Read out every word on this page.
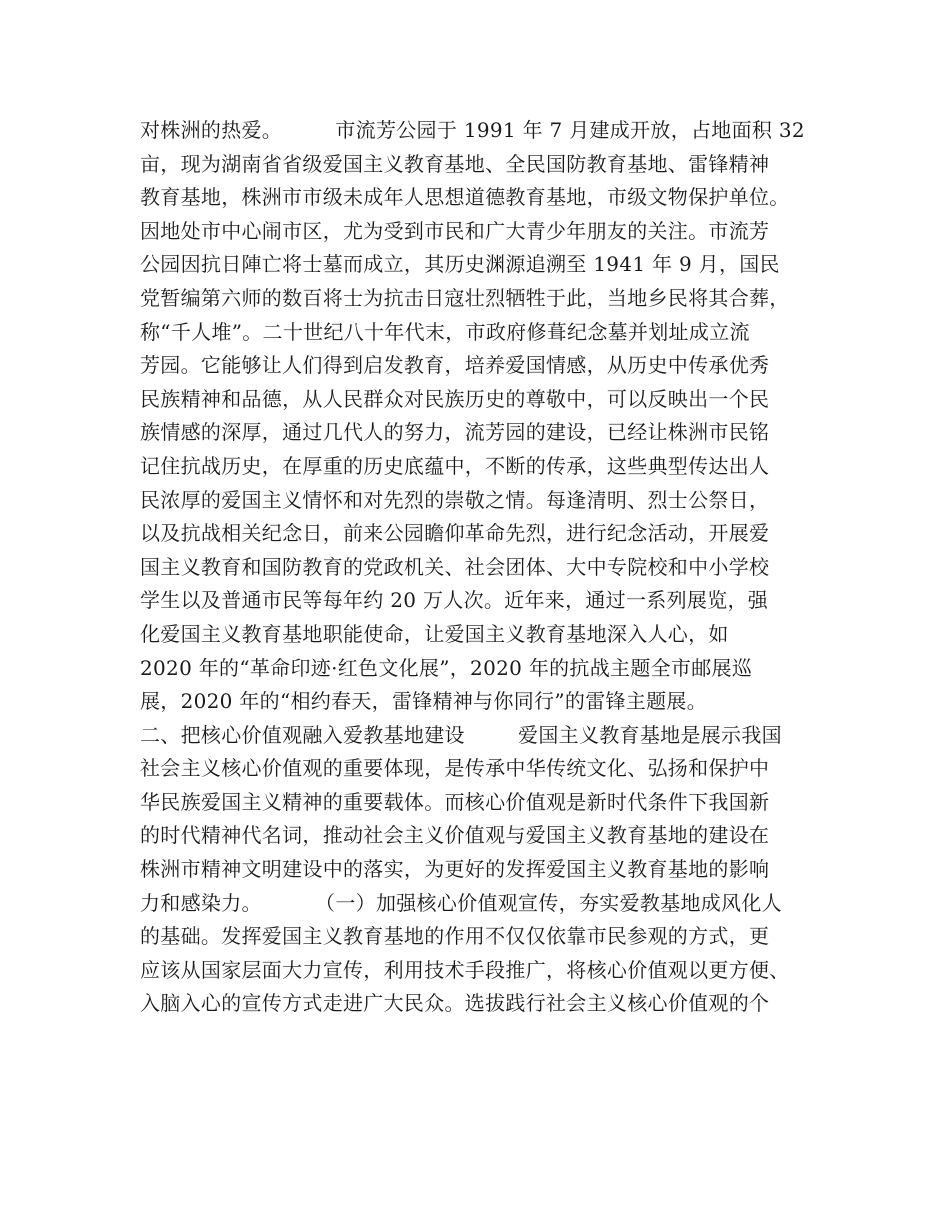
对株洲的热爱。        市流芳公园于 1991 年 7 月建成开放，占地面积 32
亩，现为湖南省省级爱国主义教育基地、全民国防教育基地、雷锋精神
教育基地，株洲市市级未成年人思想道德教育基地，市级文物保护单位。
因地处市中心闹市区，尤为受到市民和广大青少年朋友的关注。市流芳
公园因抗日陣亡将士墓而成立，其历史渊源追溯至 1941 年 9 月，国民
党暂编第六师的数百将士为抗击日寇壮烈牺牲于此，当地乡民将其合葬，
称“千人堆”。二十世纪八十年代末，市政府修葺纪念墓并划址成立流
芳园。它能够让人们得到启发教育，培养爱国情感，从历史中传承优秀
民族精神和品德，从人民群众对民族历史的尊敬中，可以反映出一个民
族情感的深厚，通过几代人的努力，流芳园的建设，已经让株洲市民铭
记住抗战历史，在厚重的历史底蕴中，不断的传承，这些典型传达出人
民浓厚的爱国主义情怀和对先烈的崇敬之情。每逢清明、烈士公祭日，
以及抗战相关纪念日，前来公园瞻仰革命先烈，进行纪念活动，开展爱
国主义教育和国防教育的党政机关、社会团体、大中专院校和中小学校
学生以及普通市民等每年约 20 万人次。近年来，通过一系列展览，强
化爱国主义教育基地职能使命，让爱国主义教育基地深入人心，如
2020 年的“革命印迹·红色文化展”，2020 年的抗战主题全市邮展巡
展，2020 年的“相约春天，雷锋精神与你同行”的雷锋主题展。
二、把核心价值观融入爱教基地建设        爱国主义教育基地是展示我国
社会主义核心价值观的重要体现，是传承中华传统文化、弘扬和保护中
华民族爱国主义精神的重要载体。而核心价值观是新时代条件下我国新
的时代精神代名词，推动社会主义价值观与爱国主义教育基地的建设在
株洲市精神文明建设中的落实，为更好的发挥爱国主义教育基地的影响
力和感染力。        （一）加强核心价值观宣传，夯实爱教基地成风化人
的基础。发挥爱国主义教育基地的作用不仅仅依靠市民参观的方式，更
应该从国家层面大力宣传，利用技术手段推广，将核心价值观以更方便、
入脑入心的宣传方式走进广大民众。选拔践行社会主义核心价值观的个
